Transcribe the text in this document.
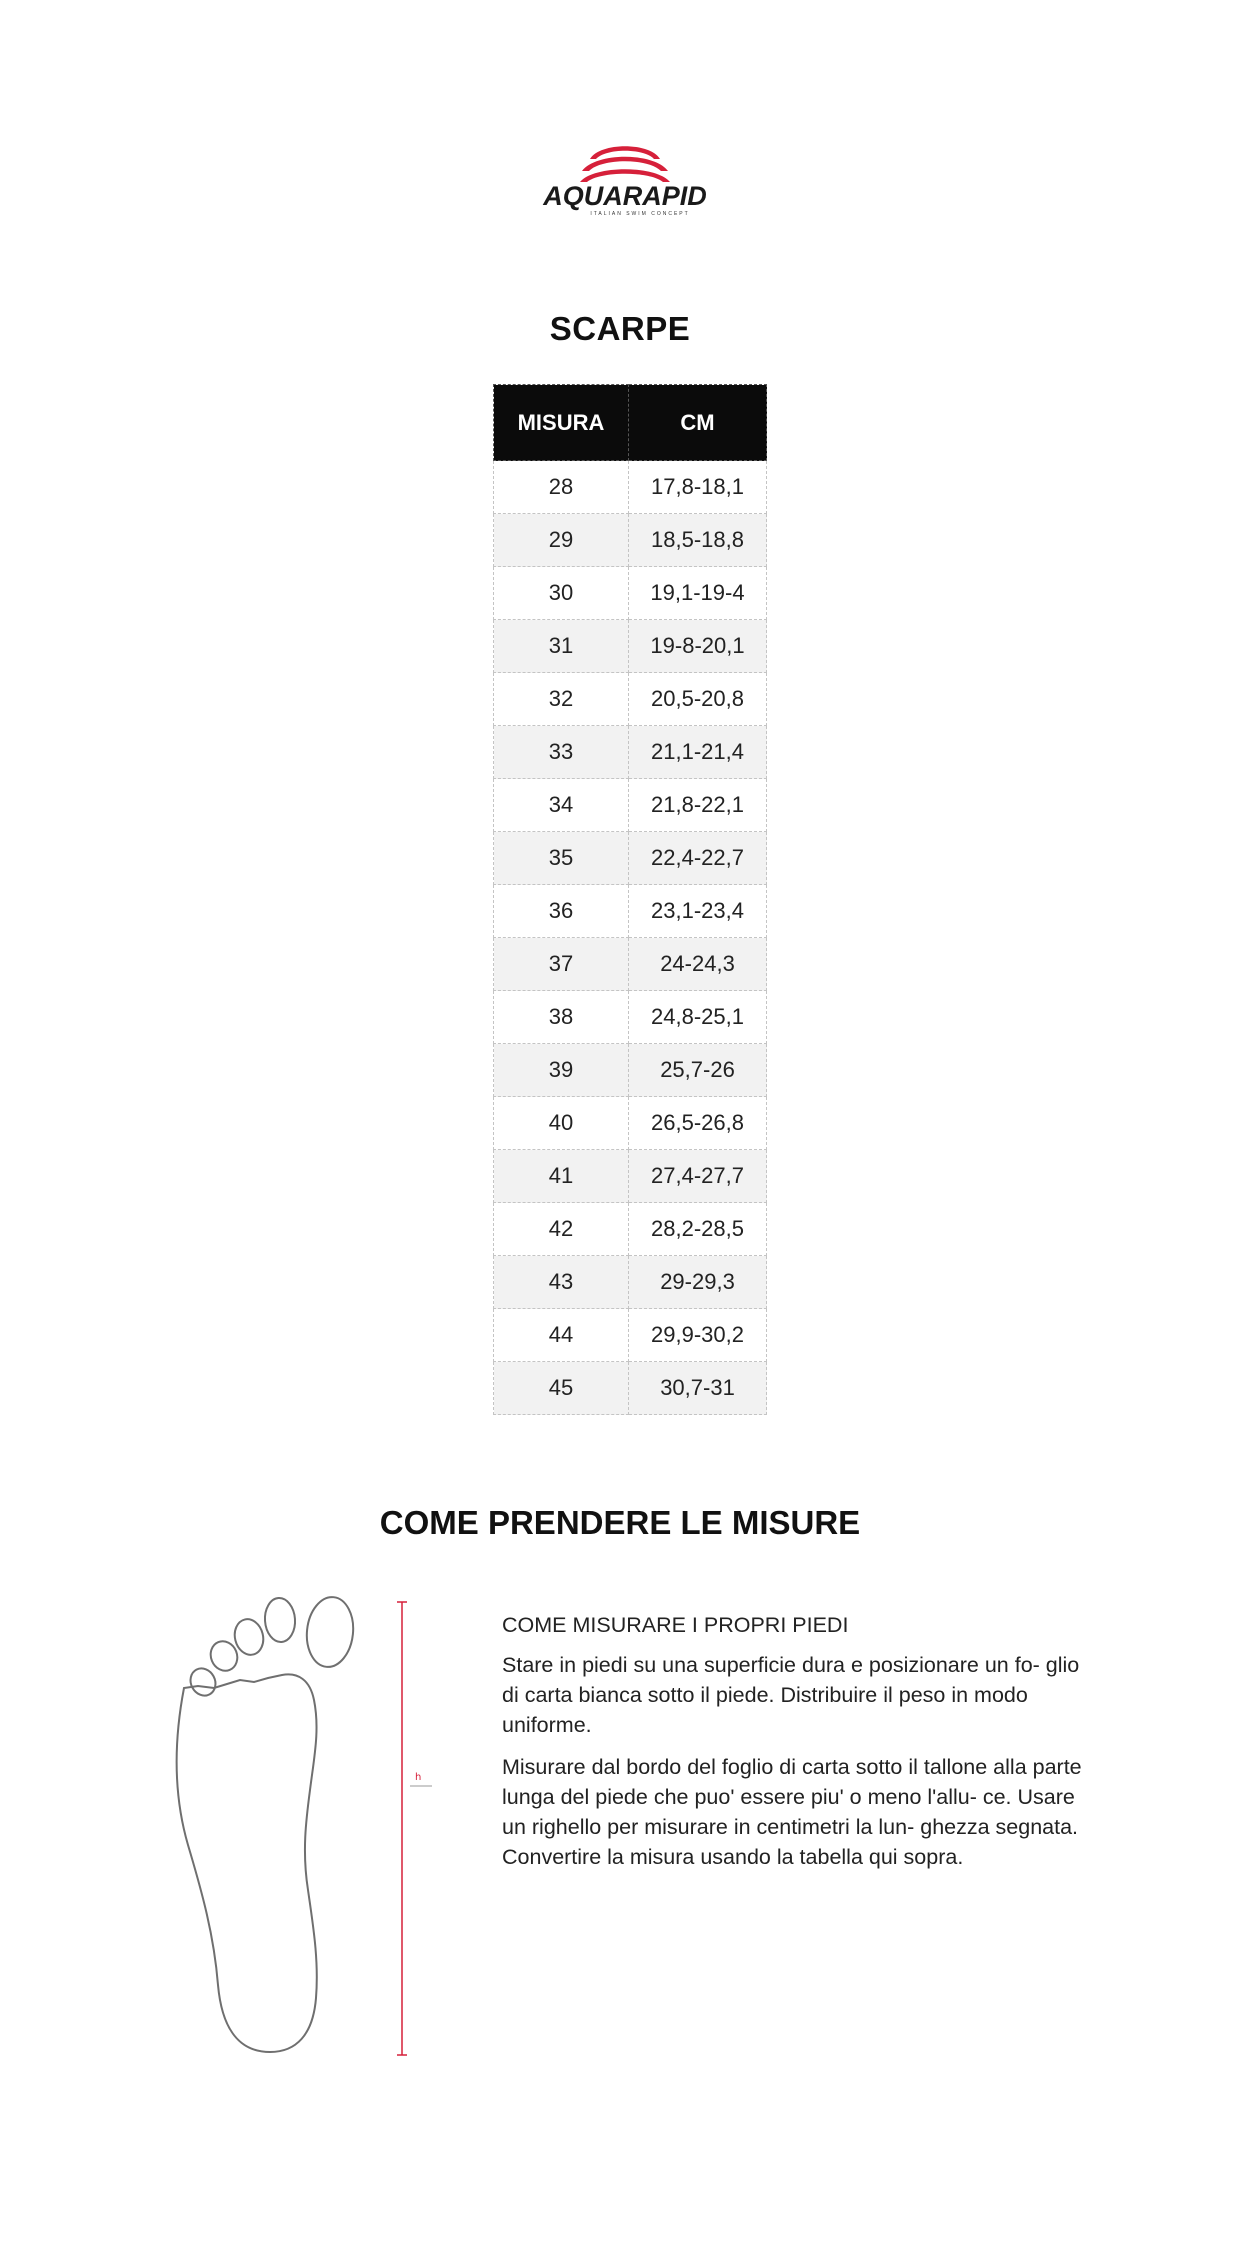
AQUARAPID
ITALIAN SWIM CONCEPT
SCARPE
MISURA	CM
28	17,8-18,1
29	18,5-18,8
30	19,1-19-4
31	19-8-20,1
32	20,5-20,8
33	21,1-21,4
34	21,8-22,1
35	22,4-22,7
36	23,1-23,4
37	24-24,3
38	24,8-25,1
39	25,7-26
40	26,5-26,8
41	27,4-27,7
42	28,2-28,5
43	29-29,3
44	29,9-30,2
45	30,7-31
COME PRENDERE LE MISURE
h

COME MISURARE I PROPRI PIEDI

Stare in piedi su una superficie dura e posizionare un fo- glio di carta bianca sotto il piede. Distribuire il peso in modo uniforme.

Misurare dal bordo del foglio di carta sotto il tallone alla parte lunga del piede che puo' essere piu' o meno l'allu- ce. Usare un righello per misurare in centimetri la lun- ghezza segnata. Convertire la misura usando la tabella qui sopra.
